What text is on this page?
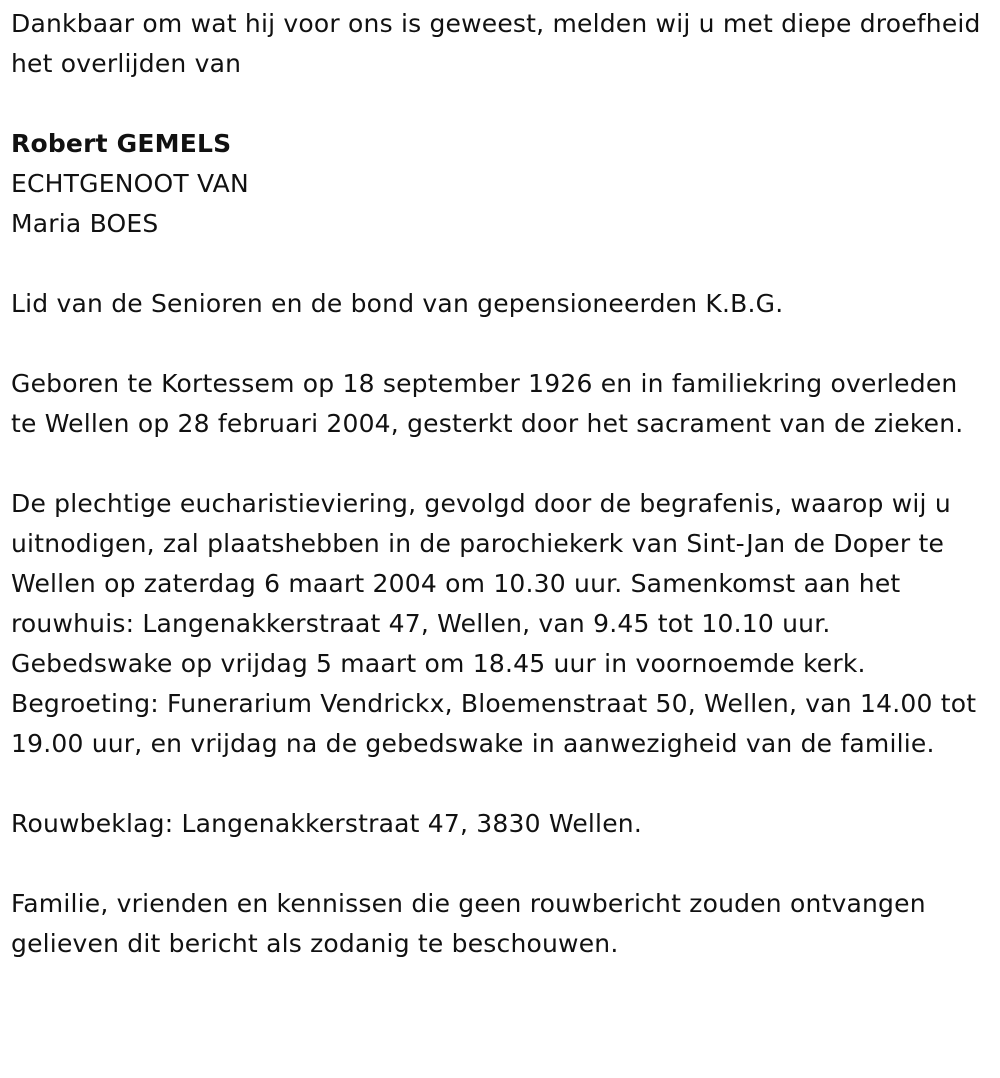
Dankbaar om wat hij voor ons is geweest, melden wij u met diepe droefheid het overlijden van

Robert GEMELS

ECHTGENOOT VAN

Maria BOES

Lid van de Senioren en de bond van gepensioneerden K.B.G.

Geboren te Kortessem op 18 september 1926 en in familiekring overleden te Wellen op 28 februari 2004, gesterkt door het sacrament van de zieken.

De plechtige eucharistieviering, gevolgd door de begrafenis, waarop wij u uitnodigen, zal plaatshebben in de parochiekerk van Sint-Jan de Doper te Wellen op zaterdag 6 maart 2004 om 10.30 uur. Samenkomst aan het rouwhuis: Langenakkerstraat 47, Wellen, van 9.45 tot 10.10 uur. Gebedswake op vrijdag 5 maart om 18.45 uur in voornoemde kerk. Begroeting: Funerarium Vendrickx, Bloemenstraat 50, Wellen, van 14.00 tot 19.00 uur, en vrijdag na de gebedswake in aanwezigheid van de familie.

Rouwbeklag: Langenakkerstraat 47, 3830 Wellen.

Familie, vrienden en kennissen die geen rouwbericht zouden ontvangen gelieven dit bericht als zodanig te beschouwen.
